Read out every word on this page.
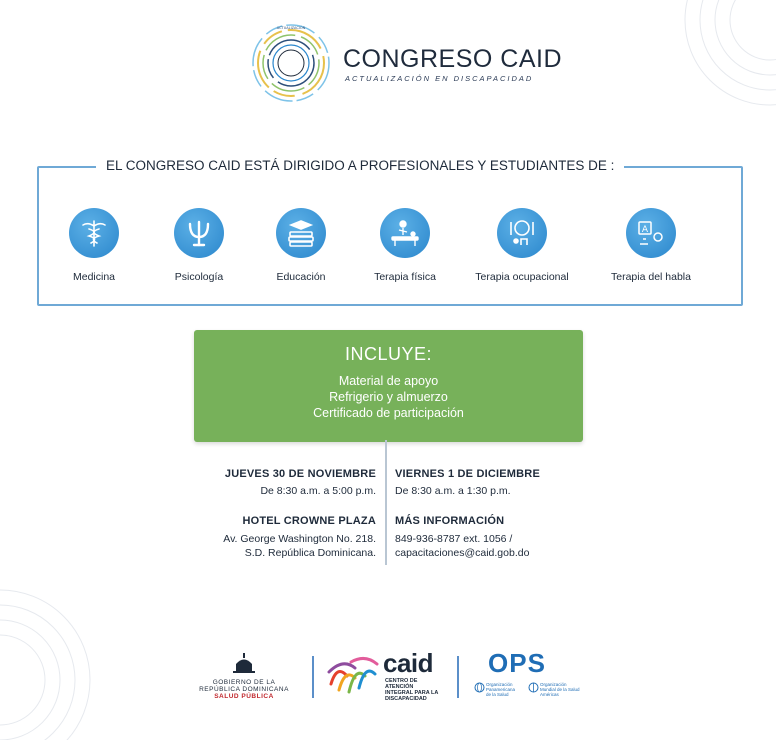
ACTUALIZACIÓN
CONGRESO CAID
ACTUALIZACIÓN EN DISCAPACIDAD
EL CONGRESO CAID ESTÁ DIRIGIDO A PROFESIONALES Y ESTUDIANTES DE :
Medicina	Psicología	Educación	Terapia física	Terapia ocupacional
A
Terapia del habla
INCLUYE:
Material de apoyo
Refrigerio y almuerzo
Certificado de participación
JUEVES 30 DE NOVIEMBRE
De 8:30 a.m. a 5:00 p.m.
HOTEL CROWNE PLAZA
Av. George Washington No. 218.
S.D. República Dominicana.
VIERNES 1 DE DICIEMBRE
De 8:30 a.m. a 1:30 p.m.
MÁS INFORMACIÓN
849-936-8787 ext. 1056 /
capacitaciones@caid.gob.do
GOBIERNO DE LA
REPÚBLICA DOMINICANA
SALUD PÚBLICA
caid
CENTRO DE
ATENCIÓN
INTEGRAL PARA LA
DISCAPACIDAD
OPS
Organización
Panamericana
de la Salud
Organización
Mundial de la Salud
Américas
